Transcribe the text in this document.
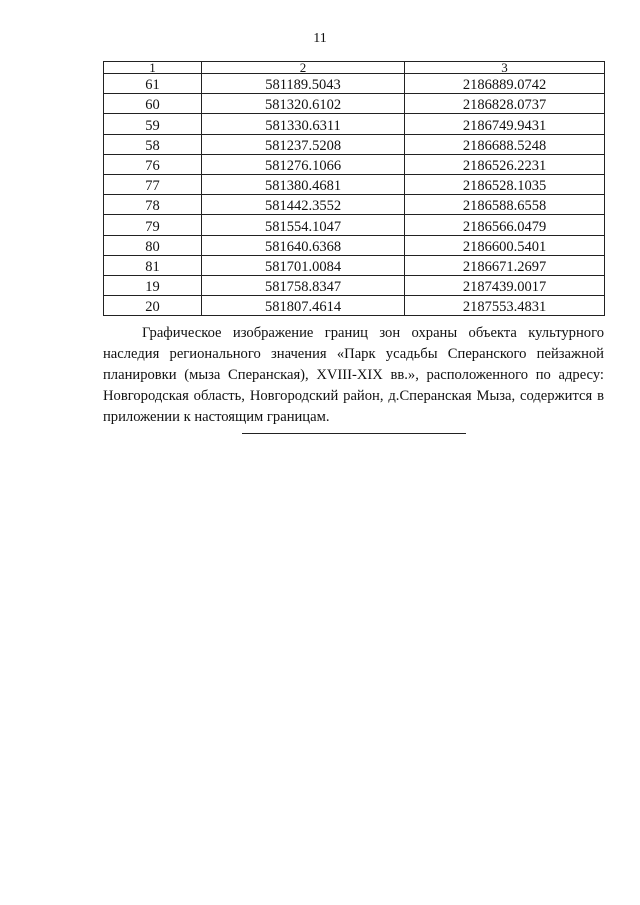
11
1	2	3
61	581189.5043	2186889.0742
60	581320.6102	2186828.0737
59	581330.6311	2186749.9431
58	581237.5208	2186688.5248
76	581276.1066	2186526.2231
77	581380.4681	2186528.1035
78	581442.3552	2186588.6558
79	581554.1047	2186566.0479
80	581640.6368	2186600.5401
81	581701.0084	2186671.2697
19	581758.8347	2187439.0017
20	581807.4614	2187553.4831

Графическое изображение границ зон охраны объекта культурного наследия регионального значения «Парк усадьбы Сперанского пейзажной планировки (мыза Сперанская), XVIII-XIX вв.», расположенного по адресу: Новгородская область, Новгородский район, д.Сперанская Мыза, содержится в приложении к настоящим границам.
